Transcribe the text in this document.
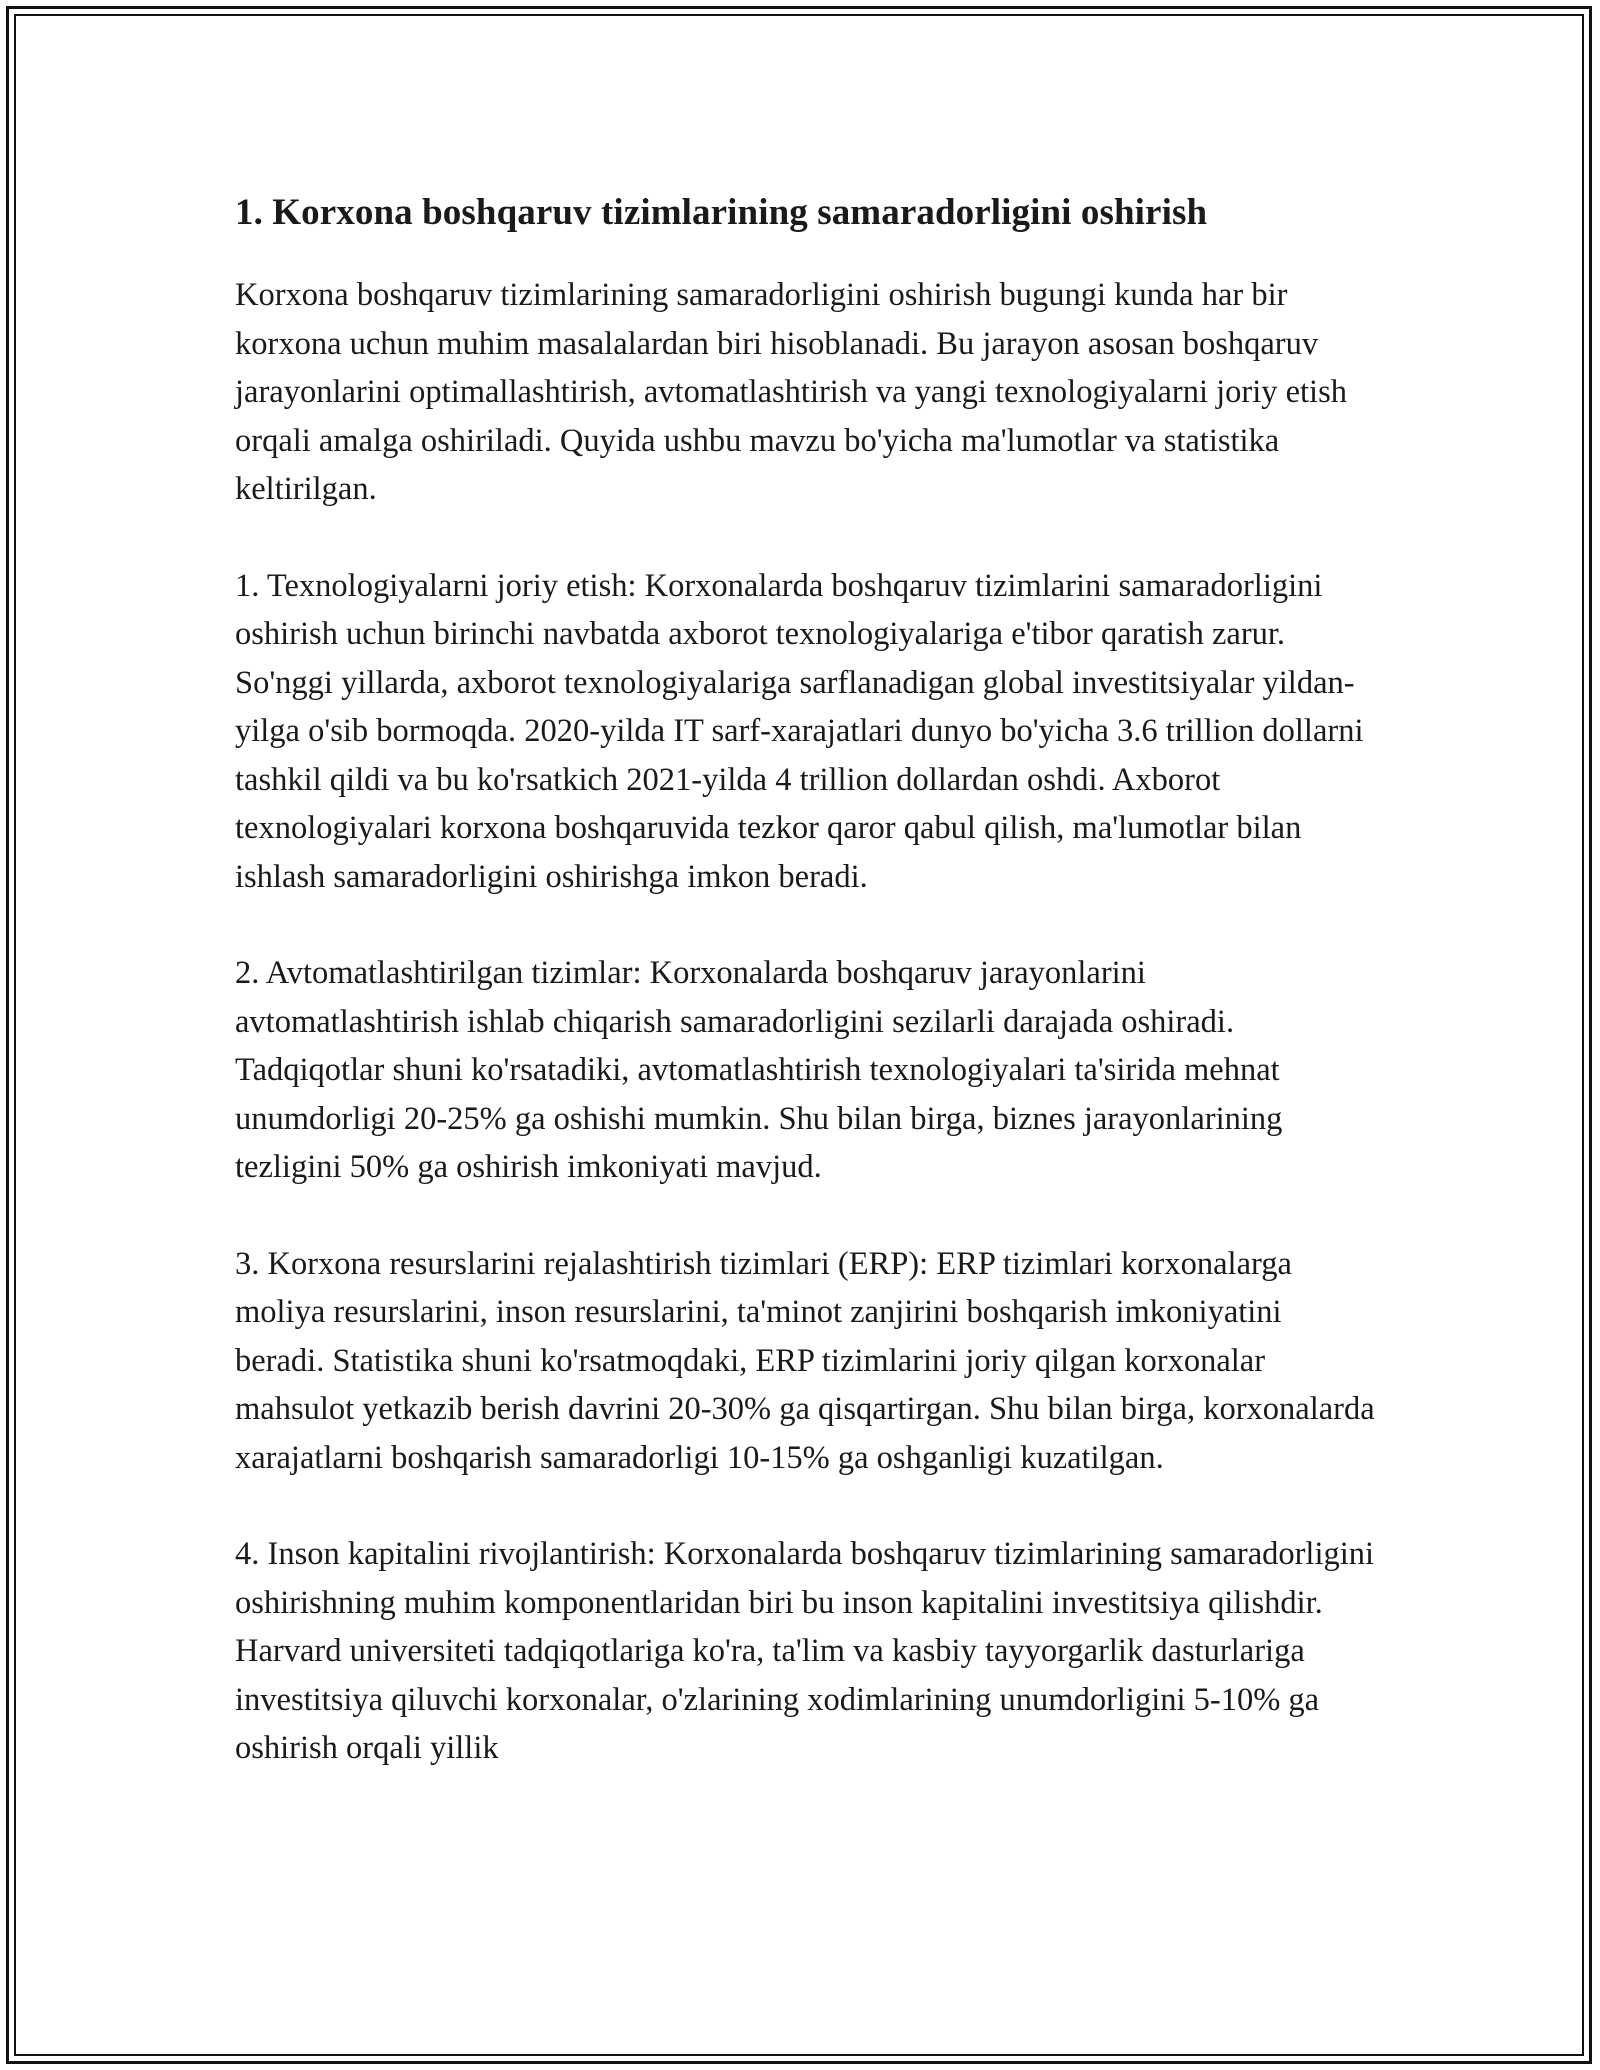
1. Korxona boshqaruv tizimlarining samaradorligini oshirish

Korxona boshqaruv tizimlarining samaradorligini oshirish bugungi kunda har bir korxona uchun muhim masalalardan biri hisoblanadi. Bu jarayon asosan boshqaruv jarayonlarini optimallashtirish, avtomatlashtirish va yangi texnologiyalarni joriy etish orqali amalga oshiriladi. Quyida ushbu mavzu bo'yicha ma'lumotlar va statistika keltirilgan.

1. Texnologiyalarni joriy etish: Korxonalarda boshqaruv tizimlarini samaradorligini oshirish uchun birinchi navbatda axborot texnologiyalariga e'tibor qaratish zarur. So'nggi yillarda, axborot texnologiyalariga sarflanadigan global investitsiyalar yildan-yilga o'sib bormoqda. 2020-yilda IT sarf-xarajatlari dunyo bo'yicha 3.6 trillion dollarni tashkil qildi va bu ko'rsatkich 2021-yilda 4 trillion dollardan oshdi. Axborot texnologiyalari korxona boshqaruvida tezkor qaror qabul qilish, ma'lumotlar bilan ishlash samaradorligini oshirishga imkon beradi.

2. Avtomatlashtirilgan tizimlar: Korxonalarda boshqaruv jarayonlarini avtomatlashtirish ishlab chiqarish samaradorligini sezilarli darajada oshiradi. Tadqiqotlar shuni ko'rsatadiki, avtomatlashtirish texnologiyalari ta'sirida mehnat unumdorligi 20-25% ga oshishi mumkin. Shu bilan birga, biznes jarayonlarining tezligini 50% ga oshirish imkoniyati mavjud.

3. Korxona resurslarini rejalashtirish tizimlari (ERP): ERP tizimlari korxonalarga moliya resurslarini, inson resurslarini, ta'minot zanjirini boshqarish imkoniyatini beradi. Statistika shuni ko'rsatmoqdaki, ERP tizimlarini joriy qilgan korxonalar mahsulot yetkazib berish davrini 20-30% ga qisqartirgan. Shu bilan birga, korxonalarda xarajatlarni boshqarish samaradorligi 10-15% ga oshganligi kuzatilgan.

4. Inson kapitalini rivojlantirish: Korxonalarda boshqaruv tizimlarining samaradorligini oshirishning muhim komponentlaridan biri bu inson kapitalini investitsiya qilishdir. Harvard universiteti tadqiqotlariga ko'ra, ta'lim va kasbiy tayyorgarlik dasturlariga investitsiya qiluvchi korxonalar, o'zlarining xodimlarining unumdorligini 5-10% ga oshirish orqali yillik
